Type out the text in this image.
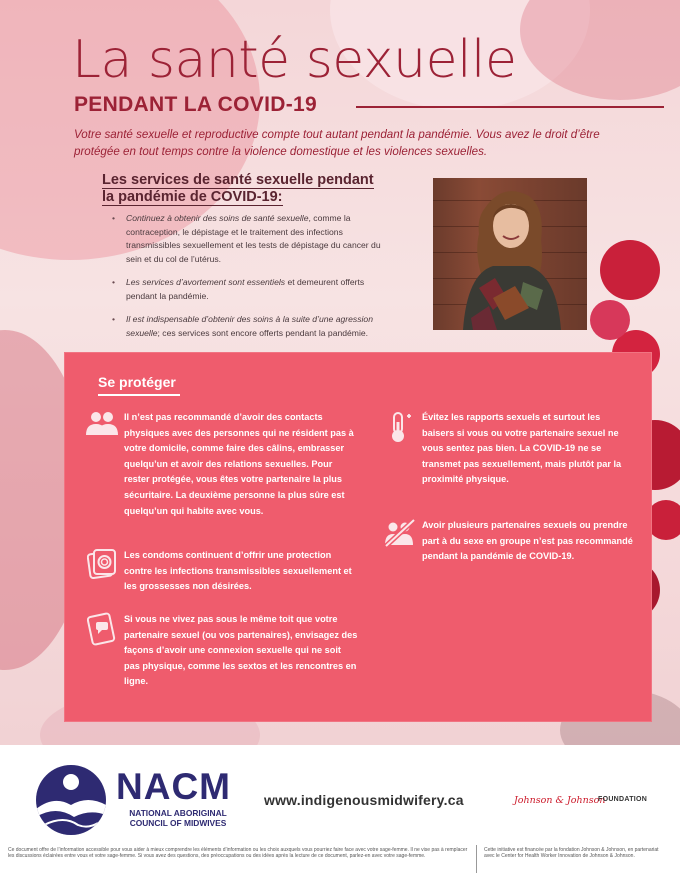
La santé sexuelle
PENDANT LA COVID-19

Votre santé sexuelle et reproductive compte tout autant pendant la pandémie. Vous avez le droit d’être protégée en tout temps contre la violence domestique et les violences sexuelles.

Les services de santé sexuelle pendant
la pandémie de COVID-19:
• Continuez à obtenir des soins de santé sexuelle, comme la contraception, le dépistage et le traitement des infections transmissibles sexuellement et les tests de dépistage du cancer du sein et du col de l’utérus.
• Les services d’avortement sont essentiels et demeurent offerts pendant la pandémie.
• Il est indispensable d’obtenir des soins à la suite d’une agression sexuelle; ces services sont encore offerts pendant la pandémie.
Se protéger

Il n’est pas recommandé d’avoir des contacts physiques avec des personnes qui ne résident pas à votre domicile, comme faire des câlins, embrasser quelqu’un et avoir des relations sexuelles. Pour rester protégée, vous êtes votre partenaire la plus sécuritaire. La deuxième personne la plus sûre est quelqu’un qui habite avec vous.

Les condoms continuent d’offrir une protection contre les infections transmissibles sexuellement et les grossesses non désirées.

Si vous ne vivez pas sous le même toit que votre partenaire sexuel (ou vos partenaires), envisagez des façons d’avoir une connexion sexuelle qui ne soit pas physique, comme les sextos et les rencontres en ligne.

Évitez les rapports sexuels et surtout les baisers si vous ou votre partenaire sexuel ne vous sentez pas bien. La COVID-19 ne se transmet pas sexuellement, mais plutôt par la proximité physique.

Avoir plusieurs partenaires sexuels ou prendre part à du sexe en groupe n’est pas recommandé pendant la pandémie de COVID-19.

NACM
NATIONAL ABORIGINAL
COUNCIL OF MIDWIVES
www.indigenousmidwifery.ca	Johnson & Johnson
FOUNDATION

Ce document offre de l’information accessible pour vous aider à mieux comprendre les éléments d’information ou les choix auxquels vous pourriez faire face avec votre sage-femme. Il ne vise pas à remplacer les discussions éclairées entre vous et votre sage-femme. Si vous avez des questions, des préoccupations ou des idées après la lecture de ce document, parlez-en avec votre sage-femme.

Cette initiative est financée par la fondation Johnson & Johnson, en partenariat avec le Center for Health Worker Innovation de Johnson & Johnson.
